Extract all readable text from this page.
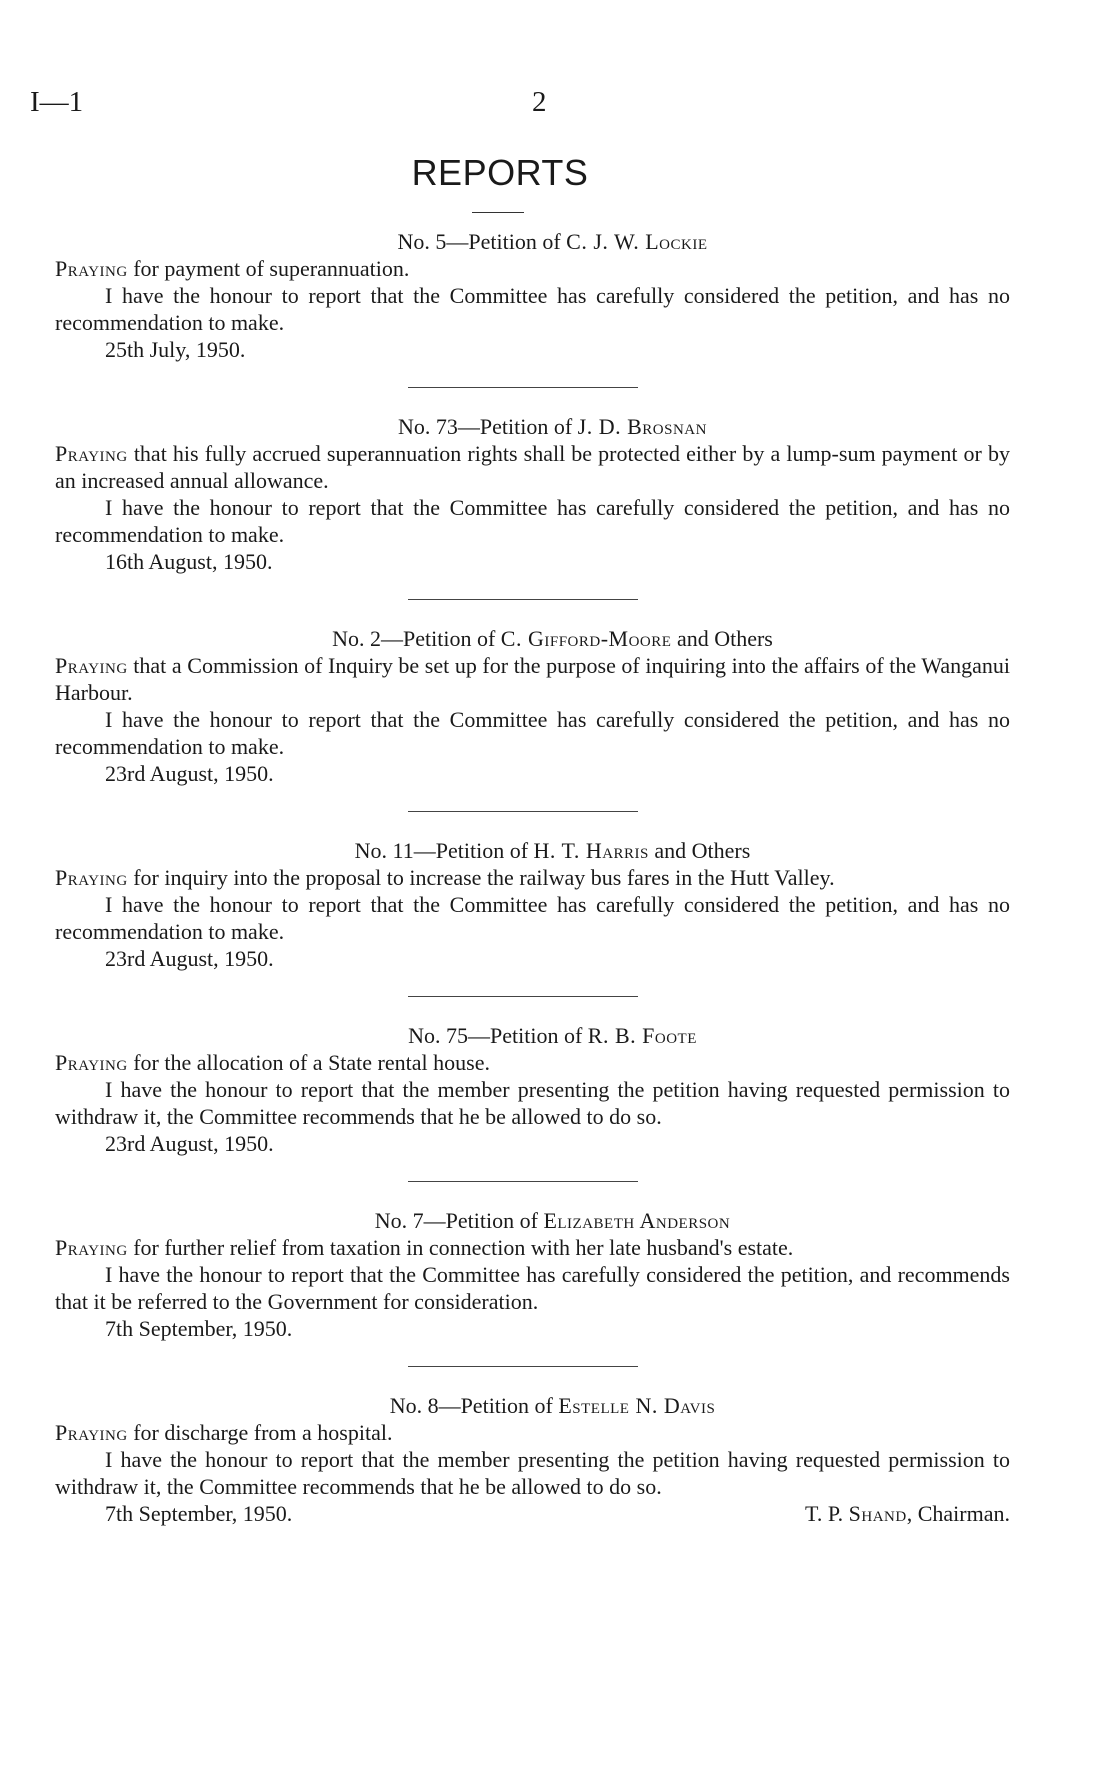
I—1	2
REPORTS
No. 5—Petition of C. J. W. Lockie
Praying for payment of superannuation.
I have the honour to report that the Committee has carefully considered the petition, and has no recommendation to make.
25th July, 1950.
No. 73—Petition of J. D. Brosnan
Praying that his fully accrued superannuation rights shall be protected either by a lump-sum payment or by an increased annual allowance.
I have the honour to report that the Committee has carefully considered the petition, and has no recommendation to make.
16th August, 1950.
No. 2—Petition of C. Gifford-Moore and Others
Praying that a Commission of Inquiry be set up for the purpose of inquiring into the affairs of the Wanganui Harbour.
I have the honour to report that the Committee has carefully considered the petition, and has no recommendation to make.
23rd August, 1950.
No. 11—Petition of H. T. Harris and Others
Praying for inquiry into the proposal to increase the railway bus fares in the Hutt Valley.
I have the honour to report that the Committee has carefully considered the petition, and has no recommendation to make.
23rd August, 1950.
No. 75—Petition of R. B. Foote
Praying for the allocation of a State rental house.
I have the honour to report that the member presenting the petition having requested permission to withdraw it, the Committee recommends that he be allowed to do so.
23rd August, 1950.
No. 7—Petition of Elizabeth Anderson
Praying for further relief from taxation in connection with her late husband's estate.
I have the honour to report that the Committee has carefully considered the petition, and recommends that it be referred to the Government for consideration.
7th September, 1950.
No. 8—Petition of Estelle N. Davis
Praying for discharge from a hospital.
I have the honour to report that the member presenting the petition having requested permission to withdraw it, the Committee recommends that he be allowed to do so.
7th September, 1950.	T. P. Shand, Chairman.
